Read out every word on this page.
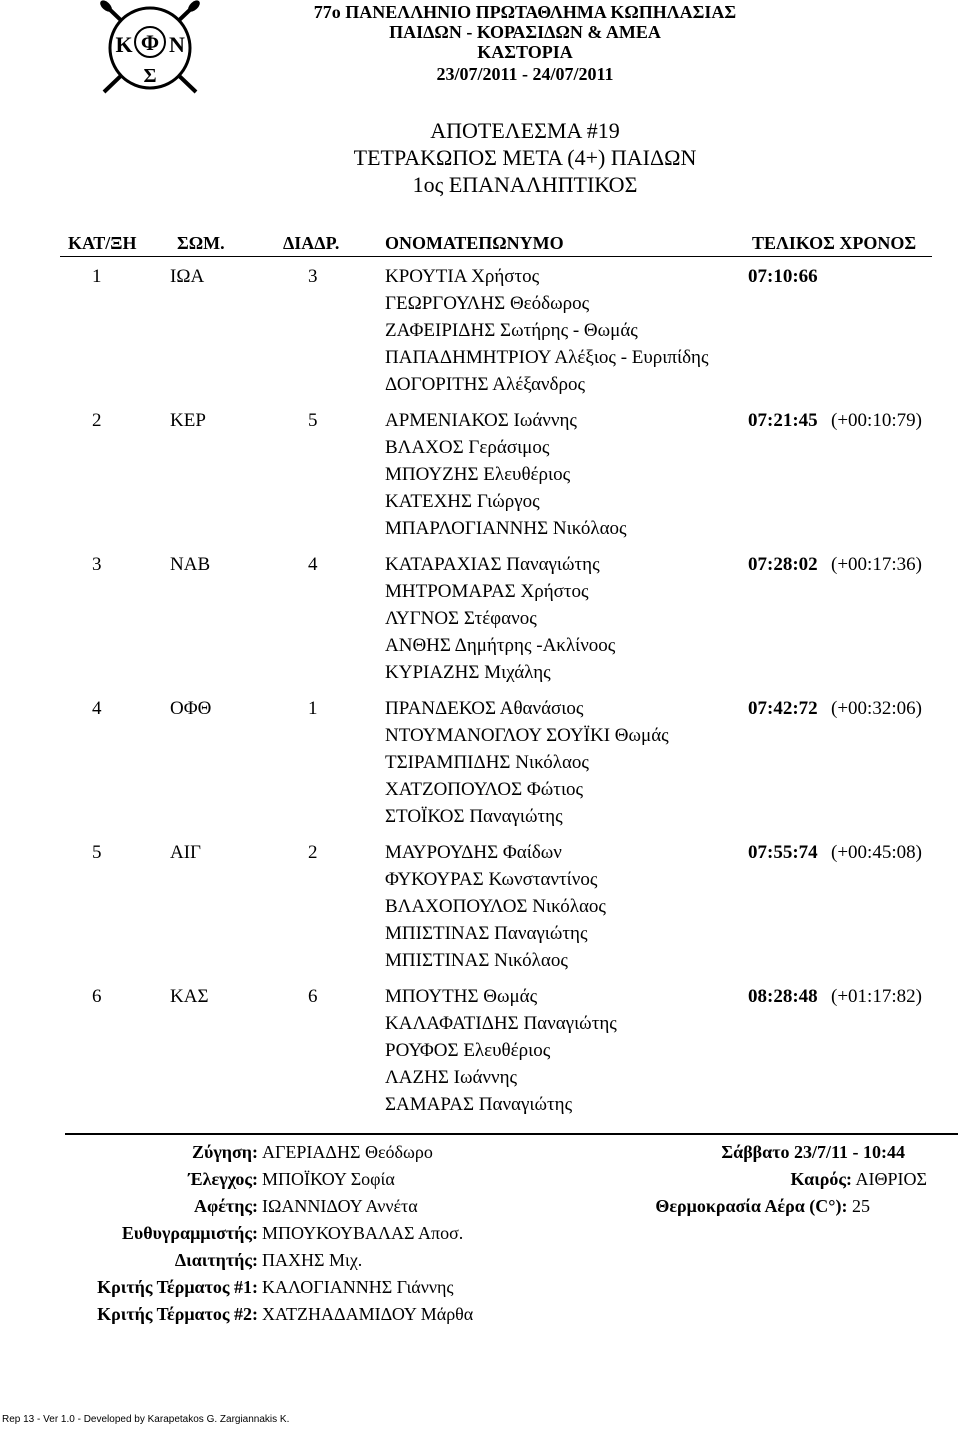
Κ Φ Ν
Σ
77o ΠΑΝΕΛΛΗΝΙΟ ΠΡΩΤΑΘΛΗΜΑ ΚΩΠΗΛΑΣΙΑΣ
ΠΑΙΔΩΝ - ΚΟΡΑΣΙΔΩΝ & ΑΜΕΑ
ΚΑΣΤΟΡΙΑ
23/07/2011 - 24/07/2011
ΑΠΟΤΕΛΕΣΜΑ #19
ΤΕΤΡΑΚΩΠΟΣ ΜΕΤΑ (4+) ΠΑΙΔΩΝ
1ος ΕΠΑΝΑΛΗΠΤΙΚΟΣ
ΚΑΤ/ΞΗ ΣΩΜ.	ΔΙΑΔΡ.	ΟΝΟΜΑΤΕΠΩΝΥΜΟ	ΤΕΛΙΚΟΣ ΧΡΟΝΟΣ
1	ΙΩΑ	3	ΚΡΟΥΤΙΑ Χρήστος
ΓΕΩΡΓΟΥΛΗΣ Θεόδωρος
ΖΑΦΕΙΡΙΔΗΣ Σωτήρης - Θωμάς
ΠΑΠΑΔΗΜΗΤΡΙΟΥ Αλέξιος - Ευριπίδης
ΔΟΓΟΡΙΤΗΣ Αλέξανδρος
07:10:66
2	ΚΕΡ	5	ΑΡΜΕΝΙΑΚΟΣ Ιωάννης
ΒΛΑΧΟΣ Γεράσιμος
ΜΠΟΥΖΗΣ Ελευθέριος
ΚΑΤΕΧΗΣ Γιώργος
ΜΠΑΡΛΟΓΙΑΝΝΗΣ Νικόλαος
07:21:45 (+00:10:79)
3	ΝΑΒ	4	ΚΑΤΑΡΑΧΙΑΣ Παναγιώτης
ΜΗΤΡΟΜΑΡΑΣ Χρήστος
ΛΥΓΝΟΣ Στέφανος
ΑΝΘΗΣ Δημήτρης -Ακλίνοος
ΚΥΡΙΑΖΗΣ Μιχάλης
07:28:02 (+00:17:36)
4	ΟΦΘ	1	ΠΡΑΝΔΕΚΟΣ Αθανάσιος
ΝΤΟΥΜΑΝΟΓΛΟΥ ΣΟΥΪΚΙ Θωμάς
ΤΣΙΡΑΜΠΙΔΗΣ Νικόλαος
ΧΑΤΖΟΠΟΥΛΟΣ Φώτιος
ΣΤΟΪΚΟΣ Παναγιώτης
07:42:72 (+00:32:06)
5	ΑΙΓ	2	ΜΑΥΡΟΥΔΗΣ Φαίδων
ΦΥΚΟΥΡΑΣ Κωνσταντίνος
ΒΛΑΧΟΠΟΥΛΟΣ Νικόλαος
ΜΠΙΣΤΙΝΑΣ Παναγιώτης
ΜΠΙΣΤΙΝΑΣ Νικόλαος
07:55:74 (+00:45:08)
6	ΚΑΣ	6	ΜΠΟΥΤΗΣ Θωμάς
ΚΑΛΑΦΑΤΙΔΗΣ Παναγιώτης
ΡΟΥΦΟΣ Ελευθέριος
ΛΑΖΗΣ Ιωάννης
ΣΑΜΑΡΑΣ Παναγιώτης
08:28:48 (+01:17:82)
Ζύγηση: ΑΓΕΡΙΑΔΗΣ Θεόδωρο
Έλεγχος: ΜΠΟΪΚΟΥ Σοφία
Αφέτης: ΙΩΑΝΝΙΔΟΥ Αννέτα
Ευθυγραμμιστής: ΜΠΟΥΚΟΥΒΑΛΑΣ Αποσ.
Διαιτητής: ΠΑΧΗΣ Μιχ.
Κριτής Τέρματος #1: ΚΑΛΟΓΙΑΝΝΗΣ Γιάννης
Κριτής Τέρματος #2: ΧΑΤΖΗΑΔΑΜΙΔΟΥ Μάρθα
Σάββατο 23/7/11 - 10:44
Καιρός: ΑΙΘΡΙΟΣ
Θερμοκρασία Αέρα (C°): 25
Rep 13 - Ver 1.0 - Developed by Karapetakos G. Zargiannakis K.
